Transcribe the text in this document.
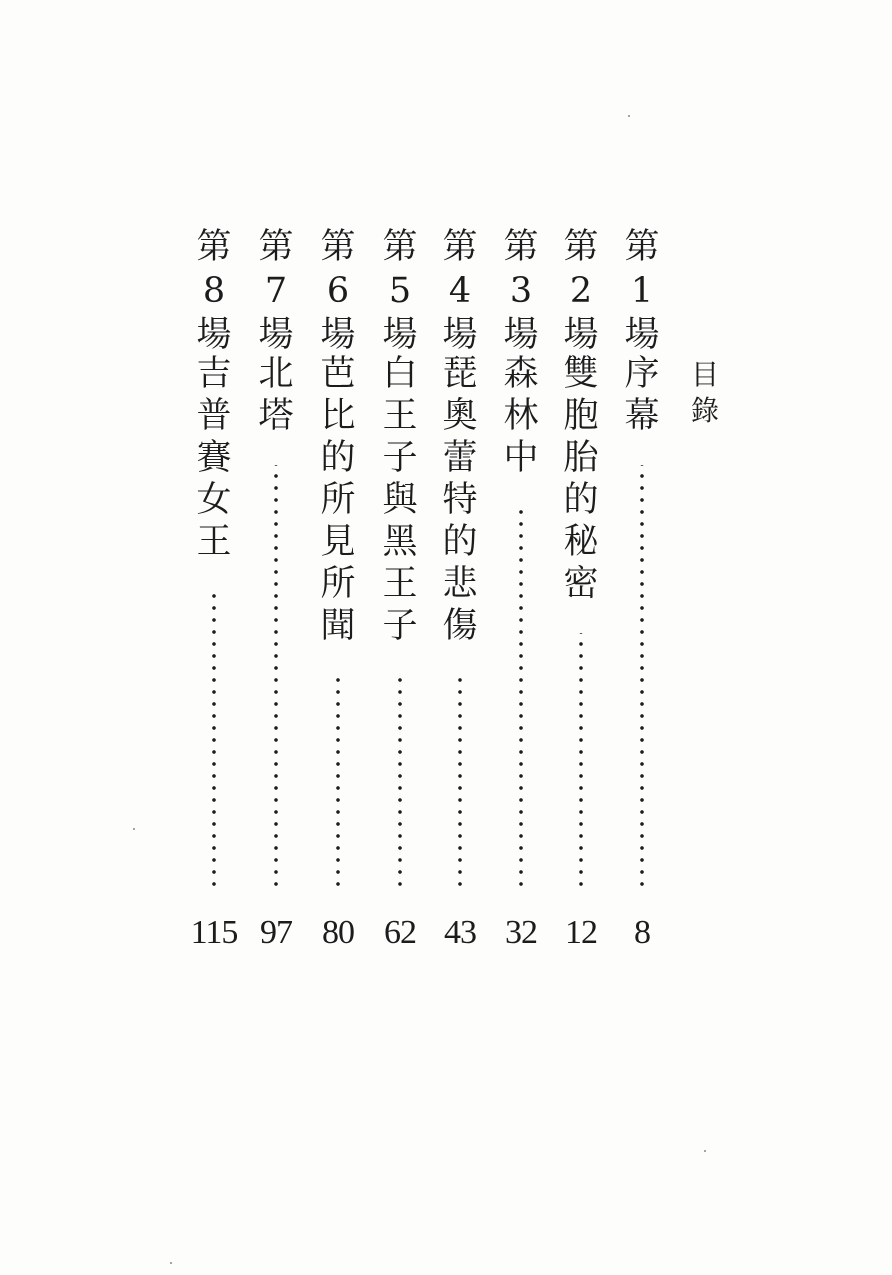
目
錄
第
1
場
序
幕
8
第
2
場
雙
胞
胎
的
秘
密
12
第
3
場
森
林
中
32
第
4
場
琵
奧
蕾
特
的
悲
傷
43
第
5
場
白
王
子
與
黑
王
子
62
第
6
場
芭
比
的
所
見
所
聞
80
第
7
場
北
塔
97
第
8
場
吉
普
賽
女
王
115
